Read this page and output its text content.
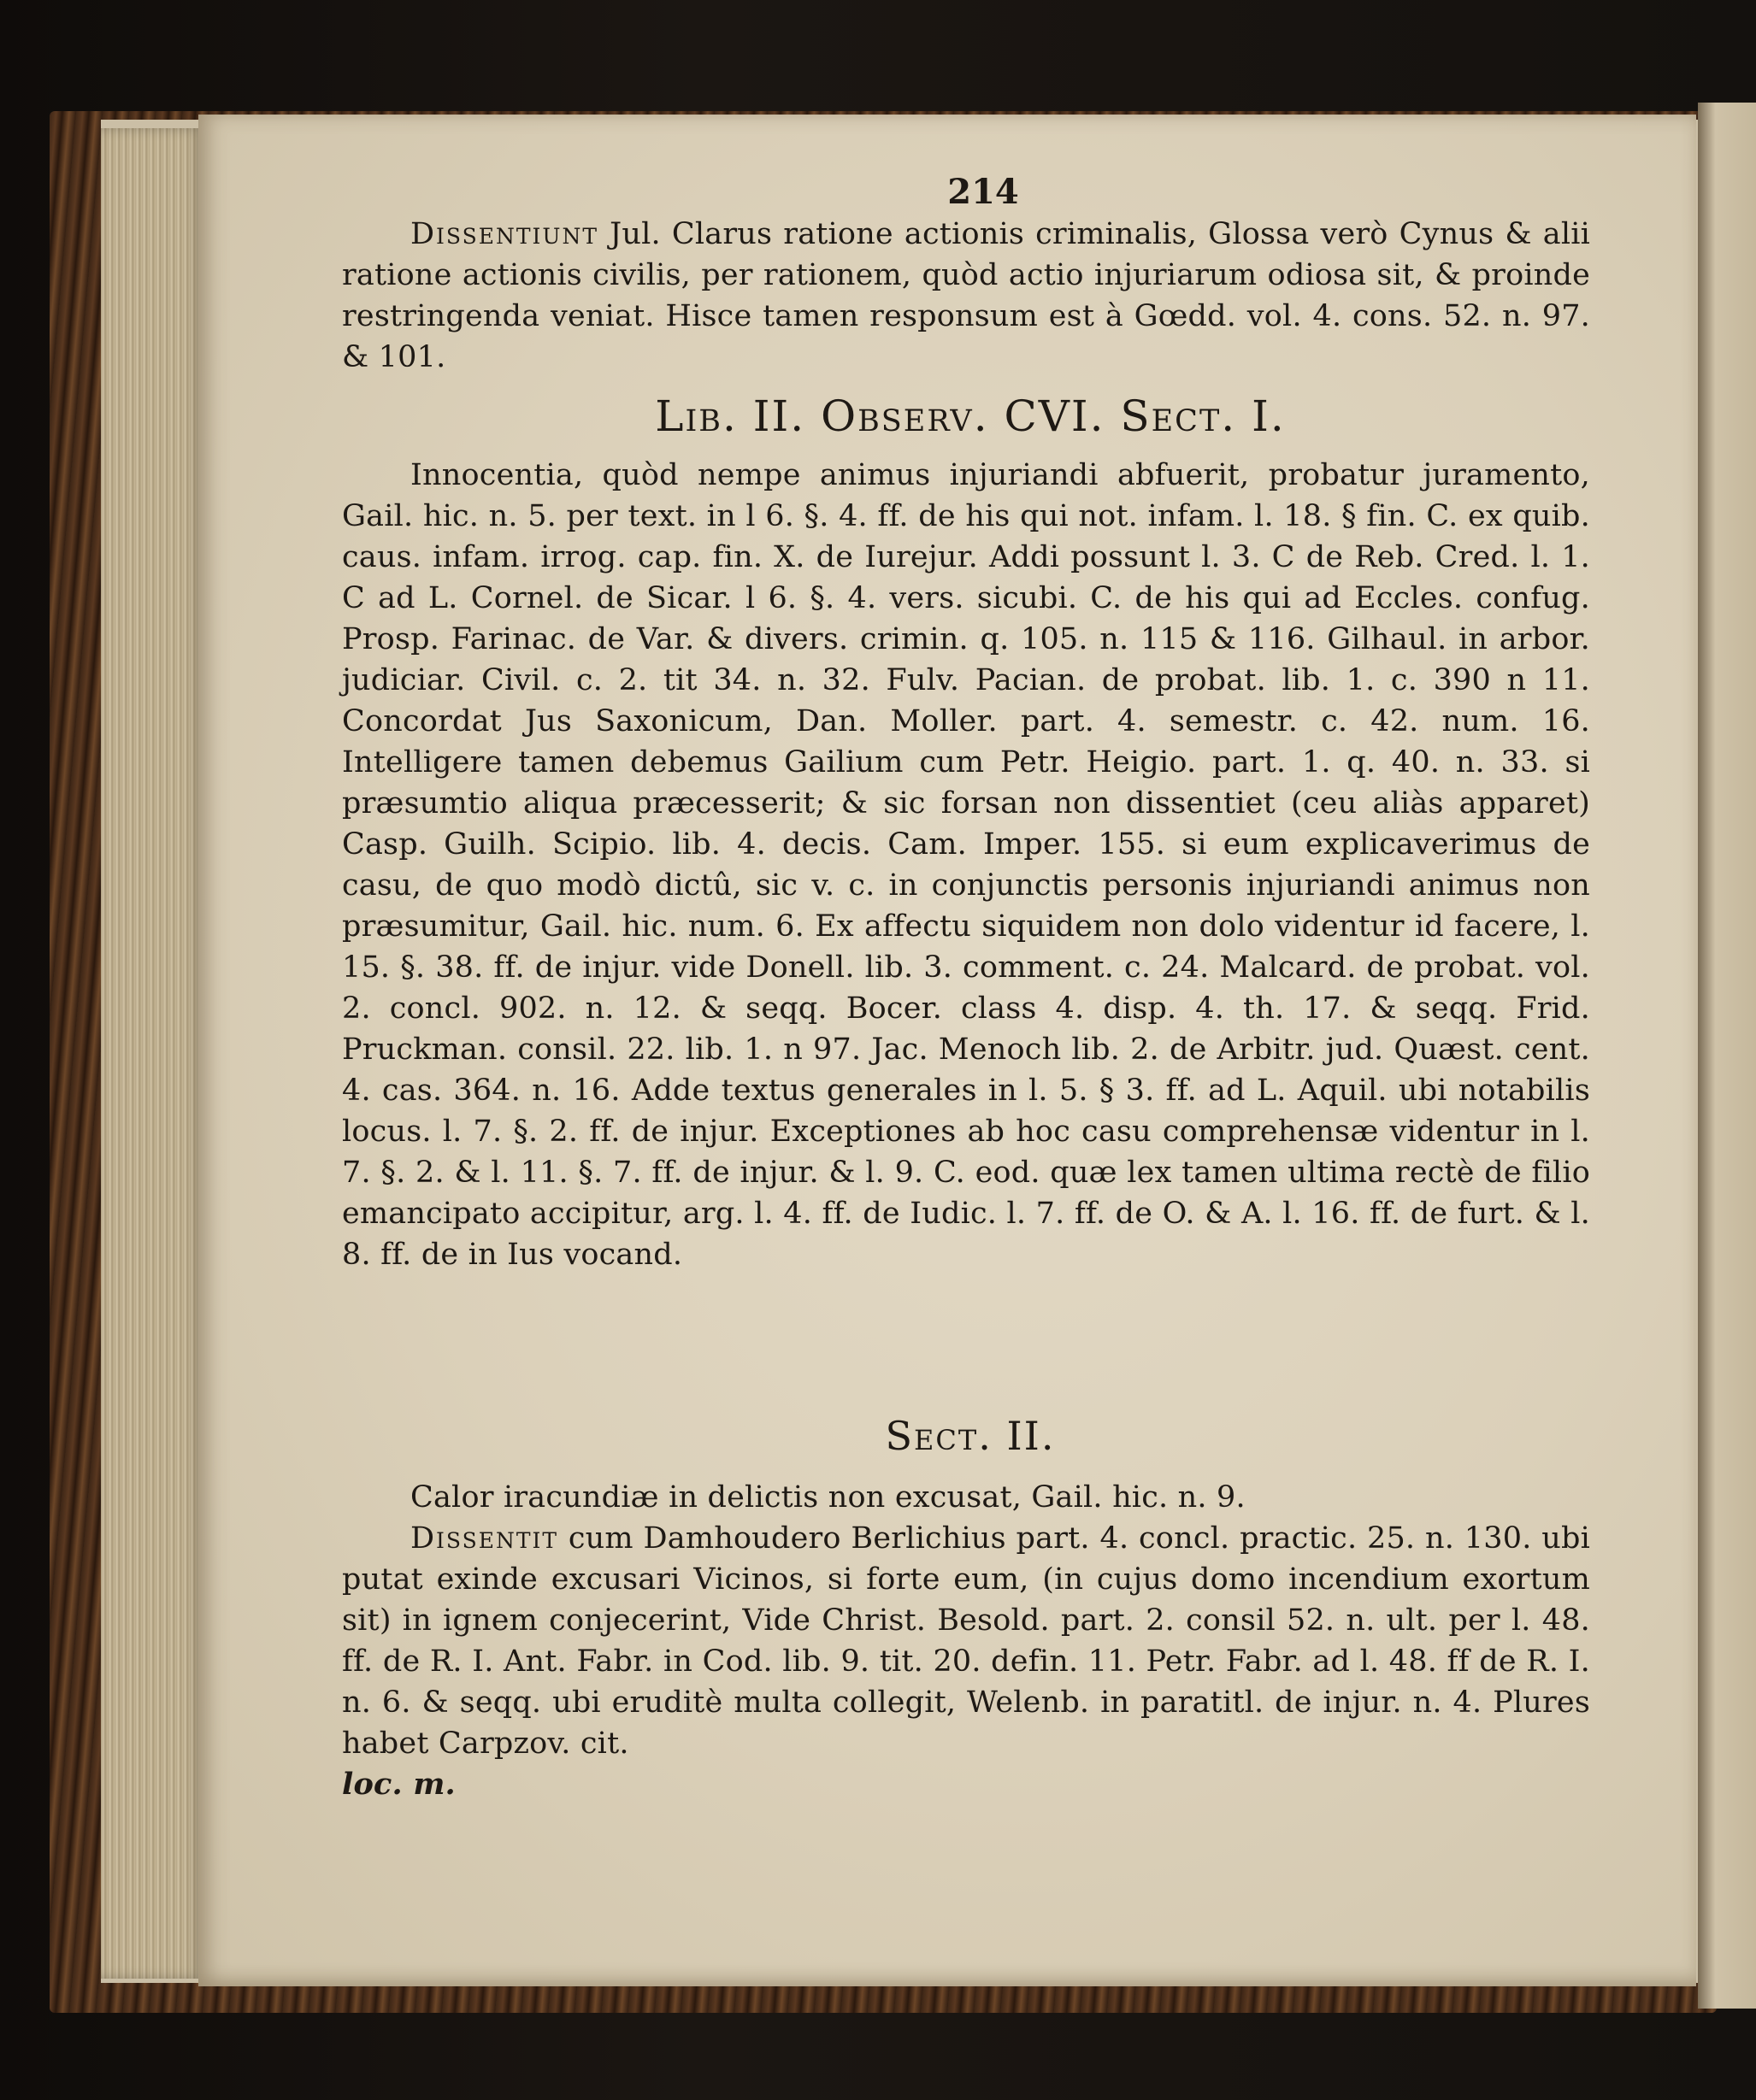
214

Dissentiunt Jul. Clarus ratione actionis criminalis, Glossa verò Cynus & alii ratione actionis civilis, per rationem, quòd actio injuriarum odiosa sit, & proinde restringenda veniat. Hisce tamen responsum est à Gœdd. vol. 4. cons. 52. n. 97. & 101.

Lib. II. Observ. CVI. Sect. I.

Innocentia, quòd nempe animus injuriandi abfuerit, probatur juramento, Gail. hic. n. 5. per text. in l 6. §. 4. ff. de his qui not. infam. l. 18. § fin. C. ex quib. caus. infam. irrog. cap. fin. X. de Iurejur. Addi possunt l. 3. C de Reb. Cred. l. 1. C ad L. Cornel. de Sicar. l 6. §. 4. vers. sicubi. C. de his qui ad Eccles. confug. Prosp. Farinac. de Var. & divers. crimin. q. 105. n. 115 & 116. Gilhaul. in arbor. judiciar. Civil. c. 2. tit 34. n. 32. Fulv. Pacian. de probat. lib. 1. c. 390 n 11. Concordat Jus Saxonicum, Dan. Moller. part. 4. semestr. c. 42. num. 16. Intelligere tamen debemus Gailium cum Petr. Heigio. part. 1. q. 40. n. 33. si præsumtio aliqua præcesserit; & sic forsan non dissentiet (ceu aliàs apparet) Casp. Guilh. Scipio. lib. 4. decis. Cam. Imper. 155. si eum explicaverimus de casu, de quo modò dictû, sic v. c. in conjunctis personis injuriandi animus non præsumitur, Gail. hic. num. 6. Ex affectu siquidem non dolo videntur id facere, l. 15. §. 38. ff. de injur. vide Donell. lib. 3. comment. c. 24. Malcard. de probat. vol. 2. concl. 902. n. 12. & seqq. Bocer. class 4. disp. 4. th. 17. & seqq. Frid. Pruckman. consil. 22. lib. 1. n 97. Jac. Menoch lib. 2. de Arbitr. jud. Quæst. cent. 4. cas. 364. n. 16. Adde textus generales in l. 5. § 3. ff. ad L. Aquil. ubi notabilis locus. l. 7. §. 2. ff. de injur. Exceptiones ab hoc casu comprehensæ videntur in l. 7. §. 2. & l. 11. §. 7. ff. de injur. & l. 9. C. eod. quæ lex tamen ultima rectè de filio emancipato accipitur, arg. l. 4. ff. de Iudic. l. 7. ff. de O. & A. l. 16. ff. de furt. & l. 8. ff. de in Ius vocand.

Sect. II.

Calor iracundiæ in delictis non excusat, Gail. hic. n. 9.

Dissentit cum Damhoudero Berlichius part. 4. concl. practic. 25. n. 130. ubi putat exinde excusari Vicinos, si forte eum, (in cujus domo incendium exortum sit) in ignem conjecerint, Vide Christ. Besold. part. 2. consil 52. n. ult. per l. 48. ff. de R. I. Ant. Fabr. in Cod. lib. 9. tit. 20. defin. 11. Petr. Fabr. ad l. 48. ff de R. I. n. 6. & seqq. ubi eruditè multa collegit, Welenb. in paratitl. de injur. n. 4. Plures habet Carpzov. cit.

loc. m.
